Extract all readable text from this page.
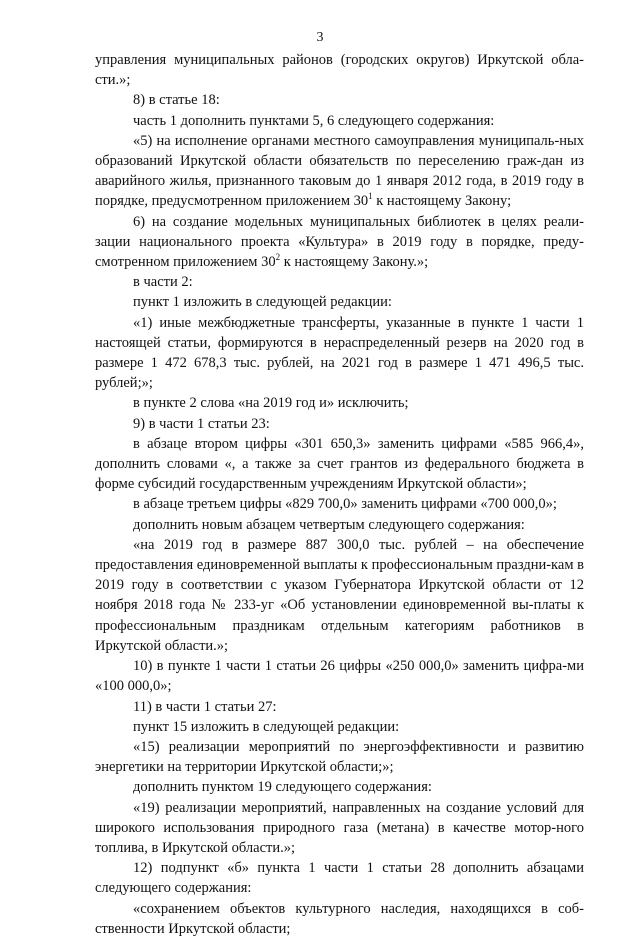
3

управления муниципальных районов (городских округов) Иркутской обла-сти.»;

8) в статье 18:

часть 1 дополнить пунктами 5, 6 следующего содержания:

«5) на исполнение органами местного самоуправления муниципаль-ных образований Иркутской области обязательств по переселению граж-дан из аварийного жилья, признанного таковым до 1 января 2012 года, в 2019 году в порядке, предусмотренном приложением $30^1$ к настоящему Закону;

6) на создание модельных муниципальных библиотек в целях реали-зации национального проекта «Культура» в 2019 году в порядке, преду-смотренном приложением $30^2$ к настоящему Закону.»;

в части 2:

пункт 1 изложить в следующей редакции:

«1) иные межбюджетные трансферты, указанные в пункте 1 части 1 настоящей статьи, формируются в нераспределенный резерв на 2020 год в размере 1 472 678,3 тыс. рублей, на 2021 год в размере 1 471 496,5 тыс. рублей;»;

в пункте 2 слова «на 2019 год и» исключить;

9) в части 1 статьи 23:

в абзаце втором цифры «301 650,3» заменить цифрами «585 966,4», дополнить словами «, а также за счет грантов из федерального бюджета в форме субсидий государственным учреждениям Иркутской области»;

в абзаце третьем цифры «829 700,0» заменить цифрами «700 000,0»;

дополнить новым абзацем четвертым следующего содержания:

«на 2019 год в размере 887 300,0 тыс. рублей – на обеспечение предоставления единовременной выплаты к профессиональным праздни-кам в 2019 году в соответствии с указом Губернатора Иркутской области от 12 ноября 2018 года № 233-уг «Об установлении единовременной вы-платы к профессиональным праздникам отдельным категориям работников в Иркутской области.»;

10) в пункте 1 части 1 статьи 26 цифры «250 000,0» заменить цифра-ми «100 000,0»;

11) в части 1 статьи 27:

пункт 15 изложить в следующей редакции:

«15) реализации мероприятий по энергоэффективности и развитию энергетики на территории Иркутской области;»;

дополнить пунктом 19 следующего содержания:

«19) реализации мероприятий, направленных на создание условий для широкого использования природного газа (метана) в качестве мотор-ного топлива, в Иркутской области.»;

12) подпункт «б» пункта 1 части 1 статьи 28 дополнить абзацами следующего содержания:

«сохранением объектов культурного наследия, находящихся в соб-ственности Иркутской области;
